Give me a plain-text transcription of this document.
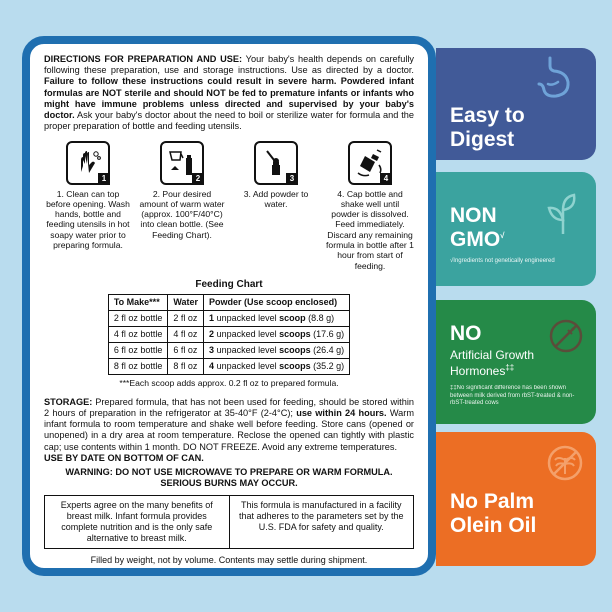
DIRECTIONS FOR PREPARATION AND USE: Your baby's health depends on carefully following these preparation, use and storage instructions. Use as directed by a doctor. Failure to follow these instructions could result in severe harm. Powdered infant formulas are NOT sterile and should NOT be fed to premature infants or infants who might have immune problems unless directed and supervised by your baby's doctor. Ask your baby's doctor about the need to boil or sterilize water for formula and the proper preparation of bottle and feeding utensils.

1
1. Clean can top before opening. Wash hands, bottle and feeding utensils in hot soapy water prior to preparing formula.
2
2. Pour desired amount of warm water (approx. 100°F/40°C) into clean bottle. (See Feeding Chart).
3
3. Add powder to water.
4
4. Cap bottle and shake well until powder is dissolved. Feed immediately. Discard any remaining formula in bottle after 1 hour from start of feeding.
Feeding Chart
To Make***	Water	Powder (Use scoop enclosed)
2 fl oz bottle	2 fl oz	1 unpacked level scoop (8.8 g)
4 fl oz bottle	4 fl oz	2 unpacked level scoops (17.6 g)
6 fl oz bottle	6 fl oz	3 unpacked level scoops (26.4 g)
8 fl oz bottle	8 fl oz	4 unpacked level scoops (35.2 g)
***Each scoop adds approx. 0.2 fl oz to prepared formula.

STORAGE: Prepared formula, that has not been used for feeding, should be stored within 2 hours of preparation in the refrigerator at 35-40°F (2-4°C); use within 24 hours. Warm infant formula to room temperature and shake well before feeding. Store cans (opened or unopened) in a dry area at room temperature. Reclose the opened can tightly with plastic cap; use contents within 1 month. DO NOT FREEZE. Avoid any extreme temperatures.

USE BY DATE ON BOTTOM OF CAN.

WARNING: DO NOT USE MICROWAVE TO PREPARE OR WARM FORMULA.
SERIOUS BURNS MAY OCCUR.
Experts agree on the many benefits of breast milk. Infant formula provides complete nutrition and is the only safe alternative to breast milk.
This formula is manufactured in a facility that adheres to the parameters set by the U.S. FDA for safety and quality.
Filled by weight, not by volume. Contents may settle during shipment.
ES Spanish Instructions: www.storebrandformula.com/espanol/Z97
Easy to
Digest
NON
GMO√
√Ingredients not genetically engineered
NO
Artificial Growth Hormones‡‡
‡‡No significant difference has been shown between milk derived from rbST-treated & non-rbST-treated cows
No Palm
Olein Oil
